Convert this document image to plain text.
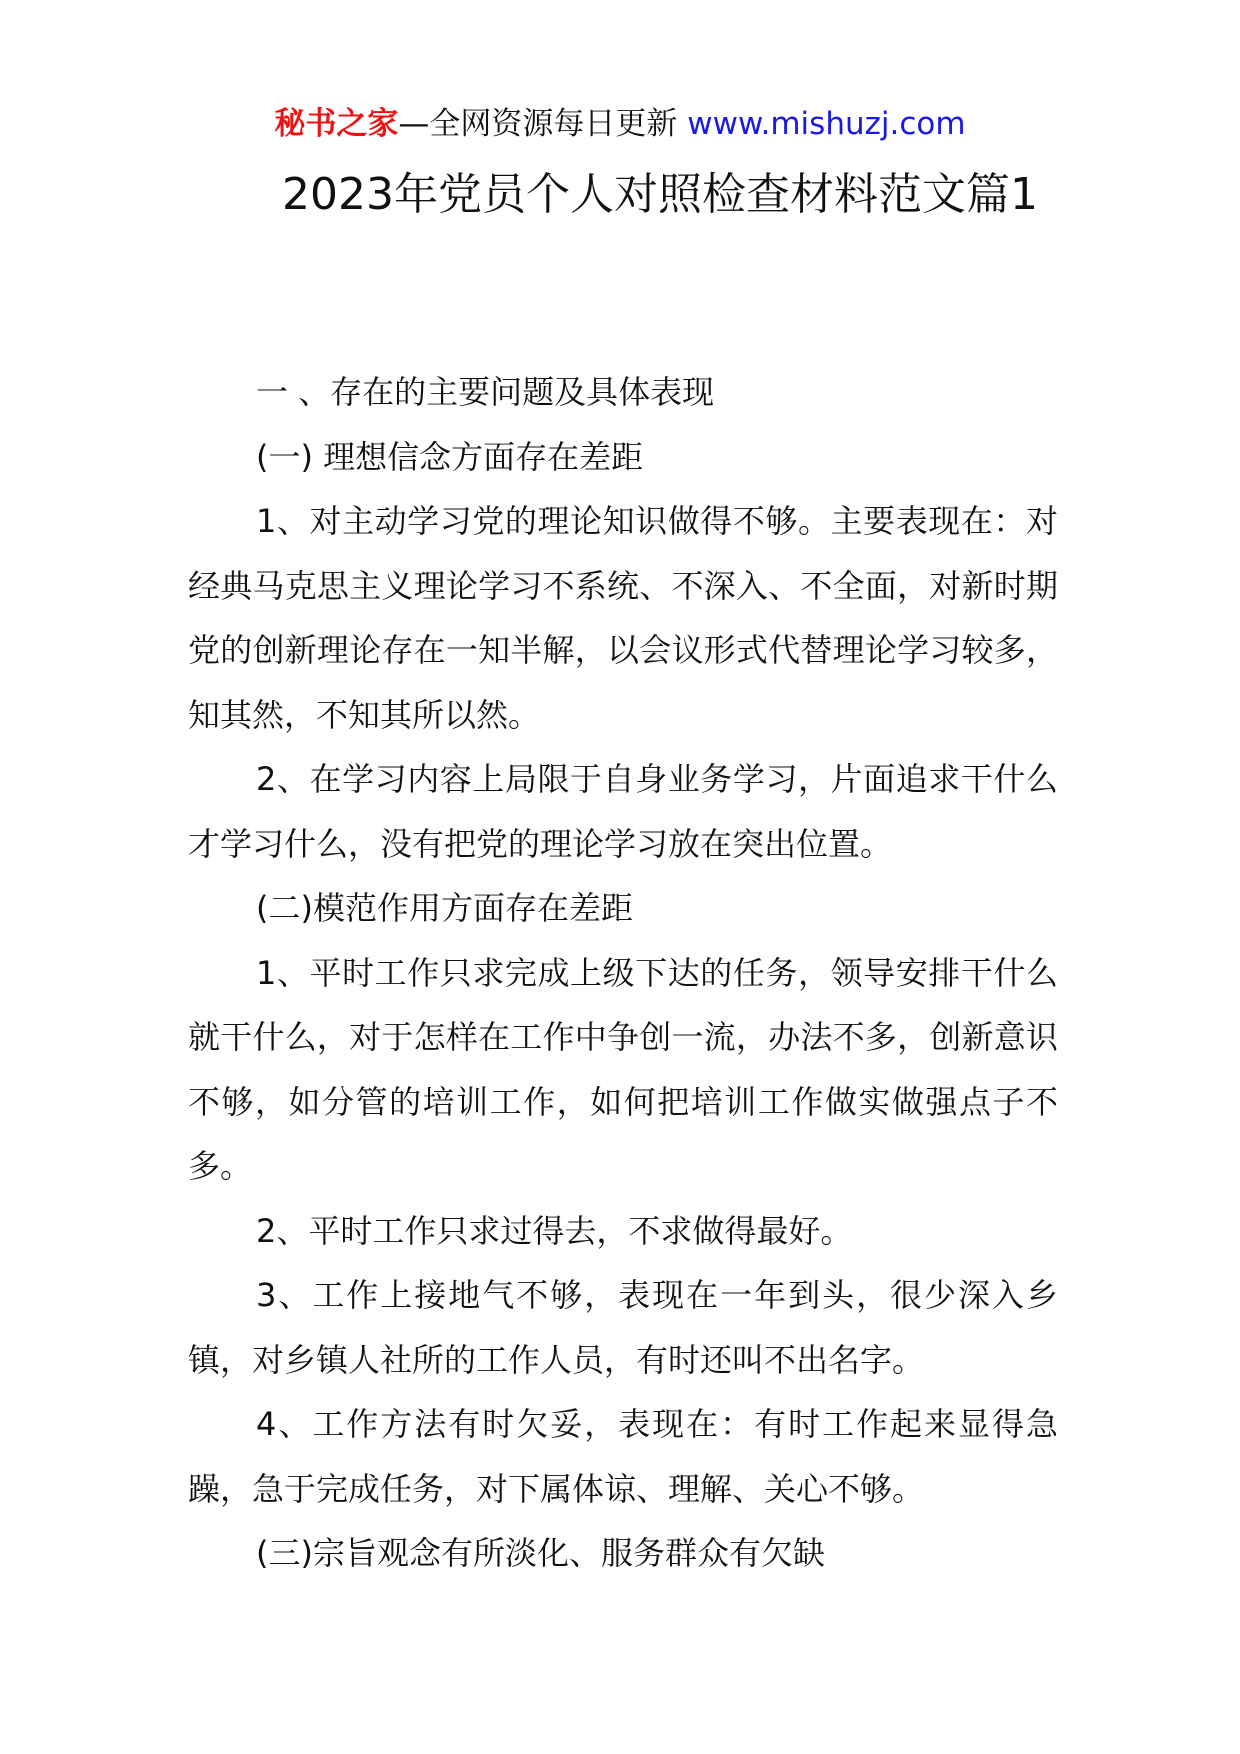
秘书之家—全网资源每日更新 www.mishuzj.com
2023年党员个人对照检查材料范文篇1

一 、存在的主要问题及具体表现

(一) 理想信念方面存在差距

1、对主动学习党的理论知识做得不够。主要表现在：对经典马克思主义理论学习不系统、不深入、不全面，对新时期党的创新理论存在一知半解，以会议形式代替理论学习较多，知其然，不知其所以然。

2、在学习内容上局限于自身业务学习，片面追求干什么才学习什么，没有把党的理论学习放在突出位置。

(二)模范作用方面存在差距

1、平时工作只求完成上级下达的任务，领导安排干什么就干什么，对于怎样在工作中争创一流，办法不多，创新意识不够，如分管的培训工作，如何把培训工作做实做强点子不多。

2、平时工作只求过得去，不求做得最好。

3、工作上接地气不够，表现在一年到头，很少深入乡镇，对乡镇人社所的工作人员，有时还叫不出名字。

4、工作方法有时欠妥，表现在：有时工作起来显得急躁，急于完成任务，对下属体谅、理解、关心不够。

(三)宗旨观念有所淡化、服务群众有欠缺
